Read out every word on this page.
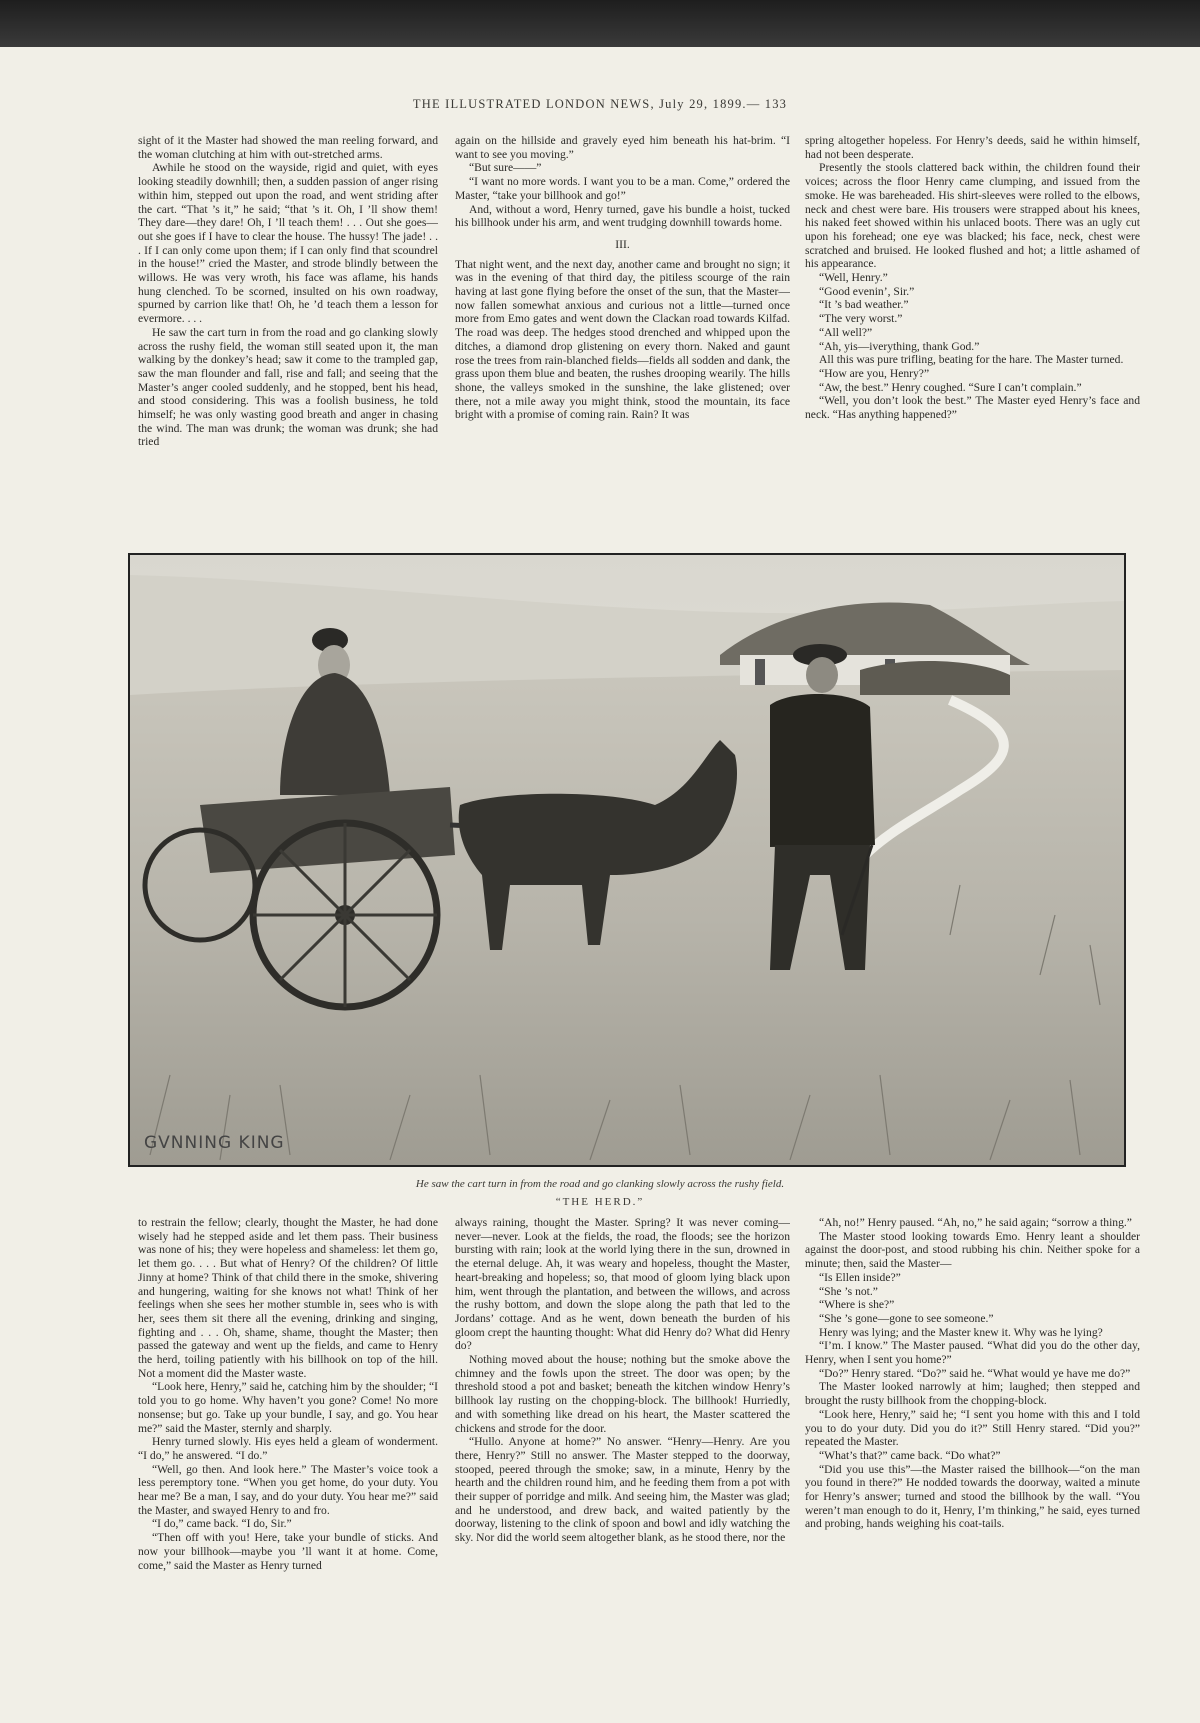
THE ILLUSTRATED LONDON NEWS, July 29, 1899.— 133

sight of it the Master had showed the man reeling forward, and the woman clutching at him with out-stretched arms.

Awhile he stood on the wayside, rigid and quiet, with eyes looking steadily downhill; then, a sudden passion of anger rising within him, stepped out upon the road, and went striding after the cart. “That ’s it,” he said; “that ’s it. Oh, I ’ll show them! They dare—they dare! Oh, I ’ll teach them! . . . Out she goes—out she goes if I have to clear the house. The hussy! The jade! . . . If I can only come upon them; if I can only find that scoundrel in the house!” cried the Master, and strode blindly between the willows. He was very wroth, his face was aflame, his hands hung clenched. To be scorned, insulted on his own roadway, spurned by carrion like that! Oh, he ’d teach them a lesson for evermore. . . .

He saw the cart turn in from the road and go clanking slowly across the rushy field, the woman still seated upon it, the man walking by the donkey’s head; saw it come to the trampled gap, saw the man flounder and fall, rise and fall; and seeing that the Master’s anger cooled suddenly, and he stopped, bent his head, and stood considering. This was a foolish business, he told himself; he was only wasting good breath and anger in chasing the wind. The man was drunk; the woman was drunk; she had tried

again on the hillside and gravely eyed him beneath his hat-brim. “I want to see you moving.”

“But sure——”

“I want no more words. I want you to be a man. Come,” ordered the Master, “take your billhook and go!”

And, without a word, Henry turned, gave his bundle a hoist, tucked his billhook under his arm, and went trudging downhill towards home.

III.

That night went, and the next day, another came and brought no sign; it was in the evening of that third day, the pitiless scourge of the rain having at last gone flying before the onset of the sun, that the Master—now fallen somewhat anxious and curious not a little—turned once more from Emo gates and went down the Clackan road towards Kilfad. The road was deep. The hedges stood drenched and whipped upon the ditches, a diamond drop glistening on every thorn. Naked and gaunt rose the trees from rain-blanched fields—fields all sodden and dank, the grass upon them blue and beaten, the rushes drooping wearily. The hills shone, the valleys smoked in the sunshine, the lake glistened; over there, not a mile away you might think, stood the mountain, its face bright with a promise of coming rain. Rain? It was

spring altogether hopeless. For Henry’s deeds, said he within himself, had not been desperate.

Presently the stools clattered back within, the children found their voices; across the floor Henry came clumping, and issued from the smoke. He was bareheaded. His shirt-sleeves were rolled to the elbows, neck and chest were bare. His trousers were strapped about his knees, his naked feet showed within his unlaced boots. There was an ugly cut upon his forehead; one eye was blacked; his face, neck, chest were scratched and bruised. He looked flushed and hot; a little ashamed of his appearance.

“Well, Henry.”

“Good evenin’, Sir.”

“It ’s bad weather.”

“The very worst.”

“All well?”

“Ah, yis—iverything, thank God.”

All this was pure trifling, beating for the hare. The Master turned.

“How are you, Henry?”

“Aw, the best.” Henry coughed. “Sure I can’t complain.”

“Well, you don’t look the best.” The Master eyed Henry’s face and neck. “Has anything happened?”

GVNNING KING
He saw the cart turn in from the road and go clanking slowly across the rushy field.
“THE HERD.”

to restrain the fellow; clearly, thought the Master, he had done wisely had he stepped aside and let them pass. Their business was none of his; they were hopeless and shameless: let them go, let them go. . . . But what of Henry? Of the children? Of little Jinny at home? Think of that child there in the smoke, shivering and hungering, waiting for she knows not what! Think of her feelings when she sees her mother stumble in, sees who is with her, sees them sit there all the evening, drinking and singing, fighting and . . . Oh, shame, shame, thought the Master; then passed the gateway and went up the fields, and came to Henry the herd, toiling patiently with his billhook on top of the hill. Not a moment did the Master waste.

“Look here, Henry,” said he, catching him by the shoulder; “I told you to go home. Why haven’t you gone? Come! No more nonsense; but go. Take up your bundle, I say, and go. You hear me?” said the Master, sternly and sharply.

Henry turned slowly. His eyes held a gleam of wonderment. “I do,” he answered. “I do.”

“Well, go then. And look here.” The Master’s voice took a less peremptory tone. “When you get home, do your duty. You hear me? Be a man, I say, and do your duty. You hear me?” said the Master, and swayed Henry to and fro.

“I do,” came back. “I do, Sir.”

“Then off with you! Here, take your bundle of sticks. And now your billhook—maybe you ’ll want it at home. Come, come,” said the Master as Henry turned

always raining, thought the Master. Spring? It was never coming—never—never. Look at the fields, the road, the floods; see the horizon bursting with rain; look at the world lying there in the sun, drowned in the eternal deluge. Ah, it was weary and hopeless, thought the Master, heart-breaking and hopeless; so, that mood of gloom lying black upon him, went through the plantation, and between the willows, and across the rushy bottom, and down the slope along the path that led to the Jordans’ cottage. And as he went, down beneath the burden of his gloom crept the haunting thought: What did Henry do? What did Henry do?

Nothing moved about the house; nothing but the smoke above the chimney and the fowls upon the street. The door was open; by the threshold stood a pot and basket; beneath the kitchen window Henry’s billhook lay rusting on the chopping-block. The billhook! Hurriedly, and with something like dread on his heart, the Master scattered the chickens and strode for the door.

“Hullo. Anyone at home?” No answer. “Henry—Henry. Are you there, Henry?” Still no answer. The Master stepped to the doorway, stooped, peered through the smoke; saw, in a minute, Henry by the hearth and the children round him, and he feeding them from a pot with their supper of porridge and milk. And seeing him, the Master was glad; and he understood, and drew back, and waited patiently by the doorway, listening to the clink of spoon and bowl and idly watching the sky. Nor did the world seem altogether blank, as he stood there, nor the

“Ah, no!” Henry paused. “Ah, no,” he said again; “sorrow a thing.”

The Master stood looking towards Emo. Henry leant a shoulder against the door-post, and stood rubbing his chin. Neither spoke for a minute; then, said the Master—

“Is Ellen inside?”

“She ’s not.”

“Where is she?”

“She ’s gone—gone to see someone.”

Henry was lying; and the Master knew it. Why was he lying?

“I’m. I know.” The Master paused. “What did you do the other day, Henry, when I sent you home?”

“Do?” Henry stared. “Do?” said he. “What would ye have me do?”

The Master looked narrowly at him; laughed; then stepped and brought the rusty billhook from the chopping-block.

“Look here, Henry,” said he; “I sent you home with this and I told you to do your duty. Did you do it?” Still Henry stared. “Did you?” repeated the Master.

“What’s that?” came back. “Do what?”

“Did you use this”—the Master raised the billhook—“on the man you found in there?” He nodded towards the doorway, waited a minute for Henry’s answer; turned and stood the billhook by the wall. “You weren’t man enough to do it, Henry, I’m thinking,” he said, eyes turned and probing, hands weighing his coat-tails.
